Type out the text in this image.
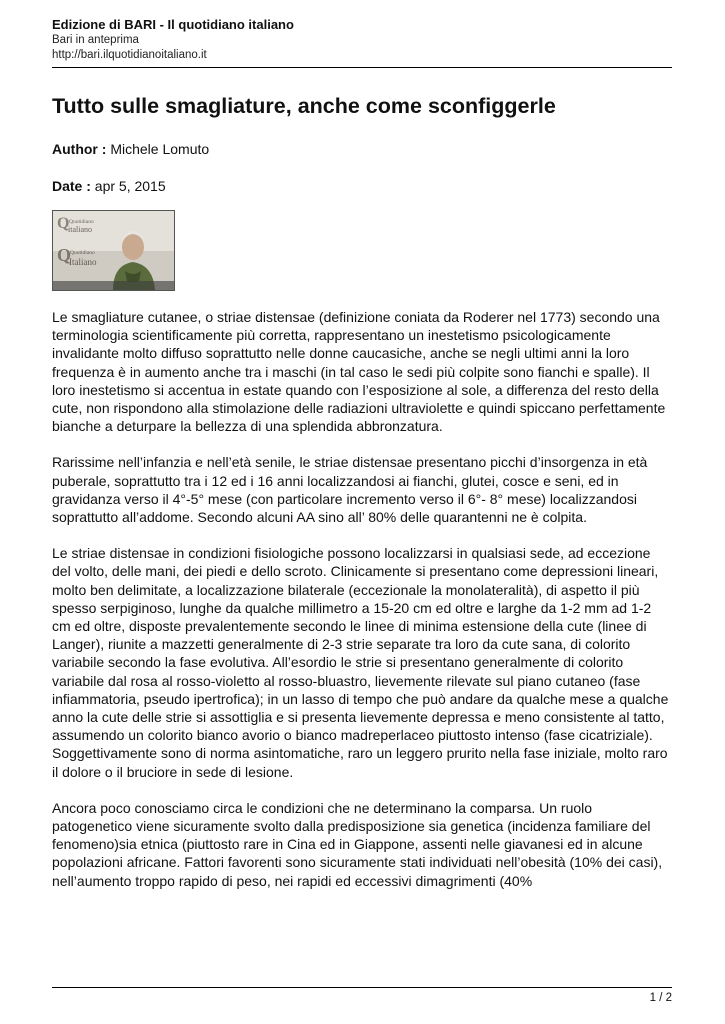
Edizione di BARI - Il quotidiano italiano
Bari in anteprima
http://bari.ilquotidianoitaliano.it
Tutto sulle smagliature, anche come sconfiggerle
Author : Michele Lomuto
Date : apr 5, 2015
Q Quotidiano
italiano
Q
Quotidiano
Italiano

Le smagliature cutanee, o striae distensae (definizione coniata da Roderer nel 1773) secondo una terminologia scientificamente più corretta, rappresentano un inestetismo psicologicamente invalidante molto diffuso soprattutto nelle donne caucasiche, anche se negli ultimi anni la loro frequenza è in aumento anche tra i maschi (in tal caso le sedi più colpite sono fianchi e spalle). Il loro inestetismo si accentua in estate quando con l’esposizione al sole, a differenza del resto della cute, non rispondono alla stimolazione delle radiazioni ultraviolette e quindi spiccano perfettamente bianche a deturpare la bellezza di una splendida abbronzatura.

Rarissime nell’infanzia e nell’età senile, le striae distensae presentano picchi d’insorgenza in età puberale, soprattutto tra i 12 ed i 16 anni localizzandosi ai fianchi, glutei, cosce e seni, ed in gravidanza verso il 4°-5° mese (con particolare incremento verso il 6°- 8° mese) localizzandosi soprattutto all’addome. Secondo alcuni AA sino all’ 80% delle quarantenni ne è colpita.

Le striae distensae in condizioni fisiologiche possono localizzarsi in qualsiasi sede, ad eccezione del volto, delle mani, dei piedi e dello scroto. Clinicamente si presentano come depressioni lineari, molto ben delimitate, a localizzazione bilaterale (eccezionale la monolateralità), di aspetto il più spesso serpiginoso, lunghe da qualche millimetro a 15-20 cm ed oltre e larghe da 1-2 mm ad 1-2 cm ed oltre, disposte prevalentemente secondo le linee di minima estensione della cute (linee di Langer), riunite a mazzetti generalmente di 2-3 strie separate tra loro da cute sana, di colorito variabile secondo la fase evolutiva. All’esordio le strie si presentano generalmente di colorito variabile dal rosa al rosso-violetto al rosso-bluastro, lievemente rilevate sul piano cutaneo (fase infiammatoria, pseudo ipertrofica); in un lasso di tempo che può andare da qualche mese a qualche anno la cute delle strie si assottiglia e si presenta lievemente depressa e meno consistente al tatto, assumendo un colorito bianco avorio o bianco madreperlaceo piuttosto intenso (fase cicatriziale). Soggettivamente sono di norma asintomatiche, raro un leggero prurito nella fase iniziale, molto raro il dolore o il bruciore in sede di lesione.

Ancora poco conosciamo circa le condizioni che ne determinano la comparsa. Un ruolo patogenetico viene sicuramente svolto dalla predisposizione sia genetica (incidenza familiare del fenomeno)sia etnica (piuttosto rare in Cina ed in Giappone, assenti nelle giavanesi ed in alcune popolazioni africane. Fattori favorenti sono sicuramente stati individuati nell’obesità (10% dei casi), nell’aumento troppo rapido di peso, nei rapidi ed eccessivi dimagrimenti (40%

1 / 2
